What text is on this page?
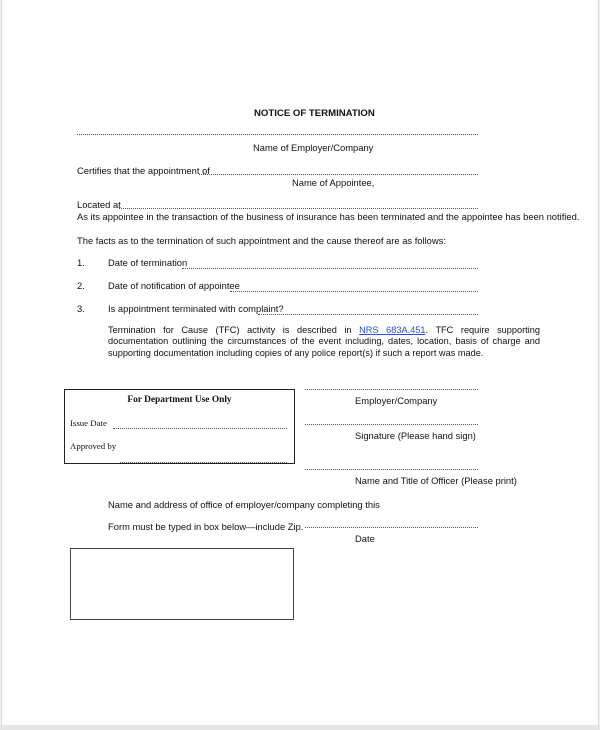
NOTICE OF TERMINATION
Name of Employer/Company
Certifies that the appointment of
Name of Appointee,
Located at
As its appointee in the transaction of the business of insurance has been terminated and the appointee has been notified.
The facts as to the termination of such appointment and the cause thereof are as follows:
1. Date of termination
2. Date of notification of appointee
3. Is appointment terminated with complaint?
Termination for Cause (TFC) activity is described in NRS 683A.451. TFC require supporting documentation outlining the circumstances of the event including, dates, location, basis of charge and supporting documentation including copies of any police report(s) if such a report was made.
For Department Use Only
Issue Date
Approved by
Employer/Company
Signature (Please hand sign)
Name and Title of Officer (Please print)
Name and address of office of employer/company completing this
Form must be typed in box below—include Zip.
Date
